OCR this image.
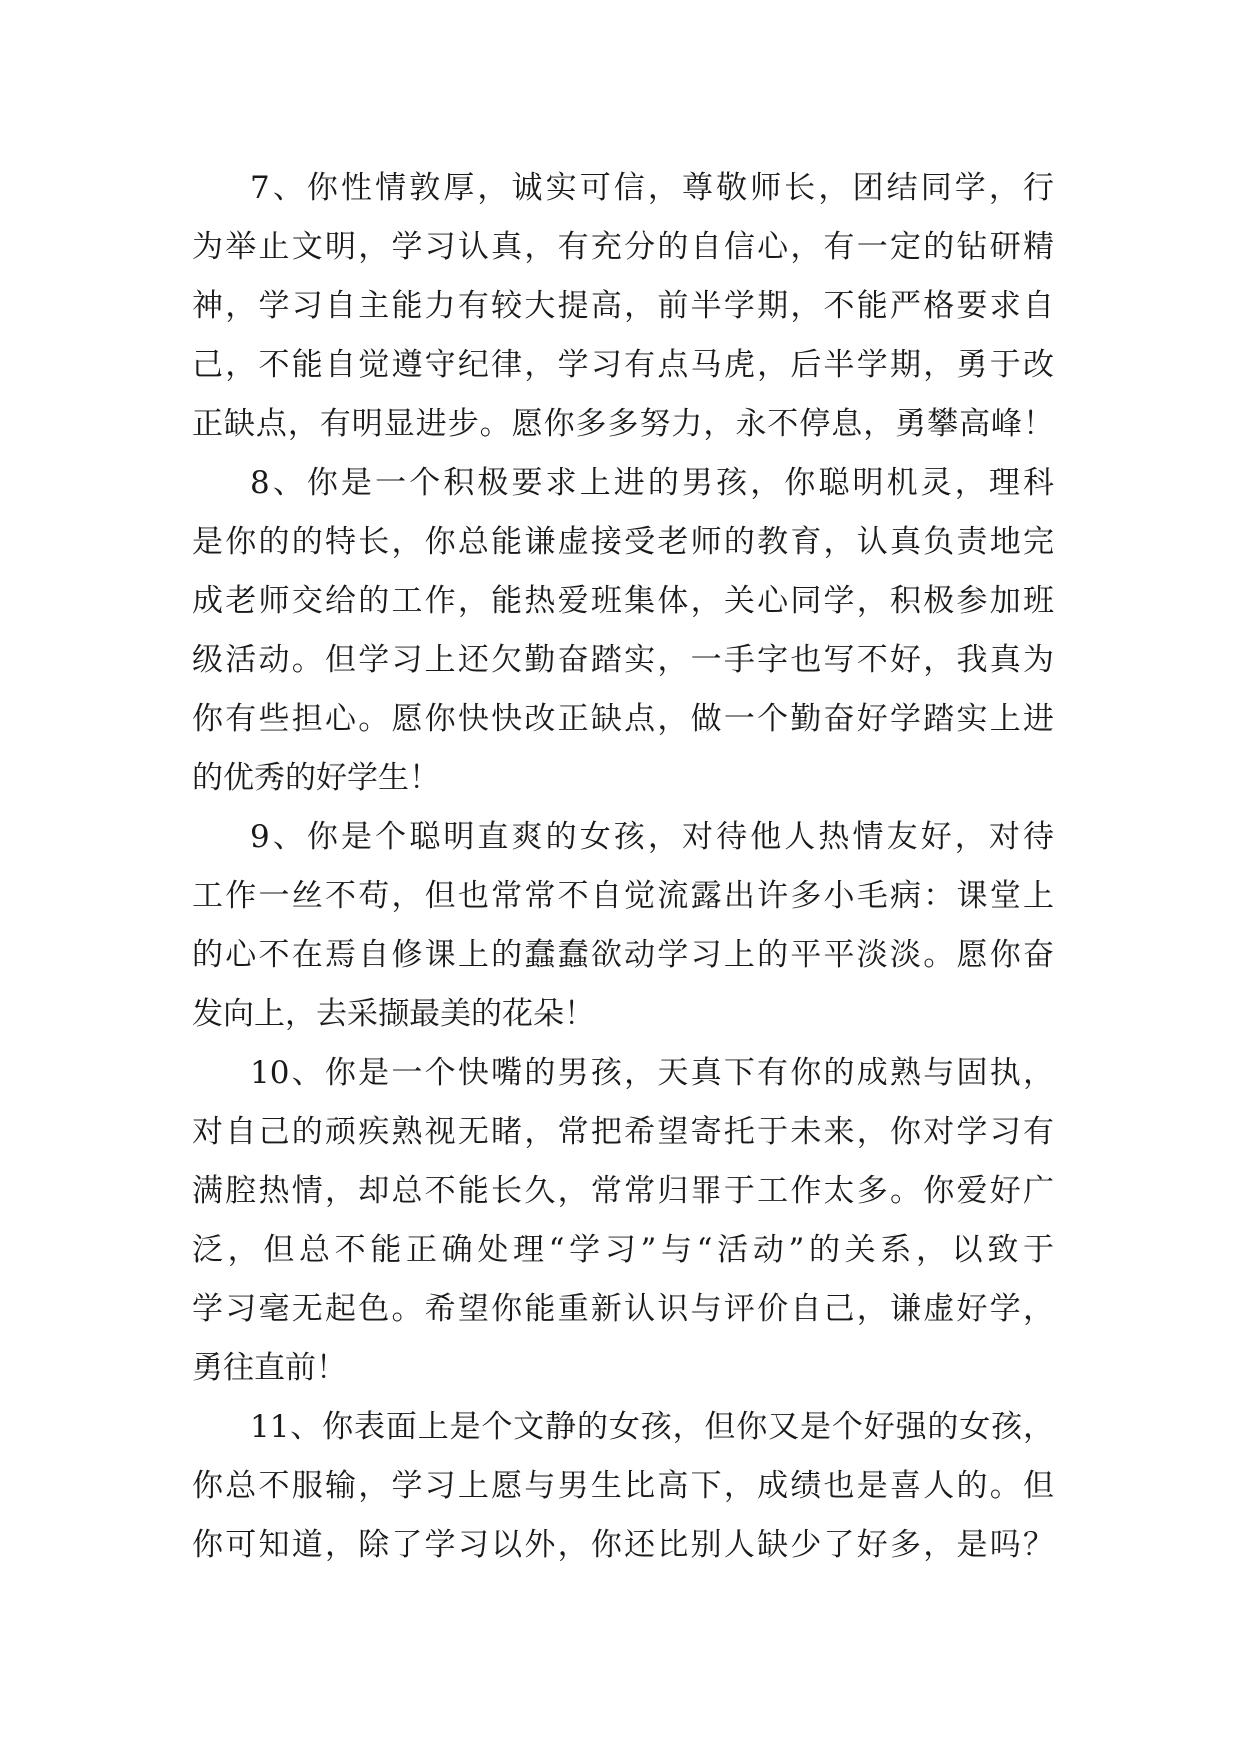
7、你性情敦厚，诚实可信，尊敬师长，团结同学，行
为举止文明，学习认真，有充分的自信心，有一定的钻研精
神，学习自主能力有较大提高，前半学期，不能严格要求自
己，不能自觉遵守纪律，学习有点马虎，后半学期，勇于改
正缺点，有明显进步。愿你多多努力，永不停息，勇攀高峰！
8、你是一个积极要求上进的男孩，你聪明机灵，理科
是你的的特长，你总能谦虚接受老师的教育，认真负责地完
成老师交给的工作，能热爱班集体，关心同学，积极参加班
级活动。但学习上还欠勤奋踏实，一手字也写不好，我真为
你有些担心。愿你快快改正缺点，做一个勤奋好学踏实上进
的优秀的好学生！
9、你是个聪明直爽的女孩，对待他人热情友好，对待
工作一丝不苟，但也常常不自觉流露出许多小毛病：课堂上
的心不在焉自修课上的蠢蠢欲动学习上的平平淡淡。愿你奋
发向上，去采撷最美的花朵！
10、你是一个快嘴的男孩，天真下有你的成熟与固执，
对自己的顽疾熟视无睹，常把希望寄托于未来，你对学习有
满腔热情，却总不能长久，常常归罪于工作太多。你爱好广
泛，但总不能正确处理“学习”与“活动”的关系，以致于
学习毫无起色。希望你能重新认识与评价自己，谦虚好学，
勇往直前！
11、你表面上是个文静的女孩，但你又是个好强的女孩，
你总不服输，学习上愿与男生比高下，成绩也是喜人的。但
你可知道，除了学习以外，你还比别人缺少了好多，是吗？
